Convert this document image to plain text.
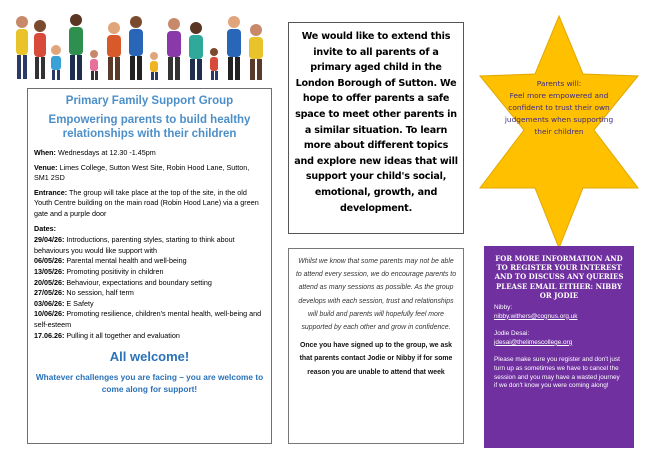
Primary Family Support Group
Empowering parents to build healthy relationships with their children

When: Wednesdays at 12.30 -1.45pm

Venue: Limes College, Sutton West Site, Robin Hood Lane, Sutton, SM1 2SD

Entrance: The group will take place at the top of the site, in the old Youth Centre building on the main road (Robin Hood Lane) via a green gate and a purple door

Dates:

29/04/26: Introductions, parenting styles, starting to think about behaviours you would like support with

06/05/26: Parental mental health and well-being

13/05/26: Promoting positivity in children

20/05/26: Behaviour, expectations and boundary setting

27/05/26: No session, half term

03/06/26: E Safety

10/06/26: Promoting resilience, children's mental health, well-being and self-esteem

17.06.26: Pulling it all together and evaluation

All welcome!
Whatever challenges you are facing – you are welcome to come along for support!
We would like to extend this invite to all parents of a primary aged child in the London Borough of Sutton. We hope to offer parents a safe space to meet other parents in a similar situation. To learn more about different topics and explore new ideas that will support your child's social, emotional, growth, and development.

Whilst we know that some parents may not be able to attend every session, we do encourage parents to attend as many sessions as possible. As the group develops with each session, trust and relationships will build and parents will hopefully feel more supported by each other and grow in confidence.

Once you have signed up to the group, we ask that parents contact Jodie or Nibby if for some reason you are unable to attend that week

Parents will:
Feel more empowered and confident to trust their own judgements when supporting their children
FOR MORE INFORMATION AND TO REGISTER YOUR INTEREST AND TO DISCUSS ANY QUERIES PLEASE EMAIL EITHER: NIBBY OR JODIE

Nibby:

nibby.withers@cognus.org.uk

Jodie Desai:

jdesai@thelimescollege.org

Please make sure you register and don't just turn up as sometimes we have to cancel the session and you may have a wasted journey if we don't know you were coming along!
